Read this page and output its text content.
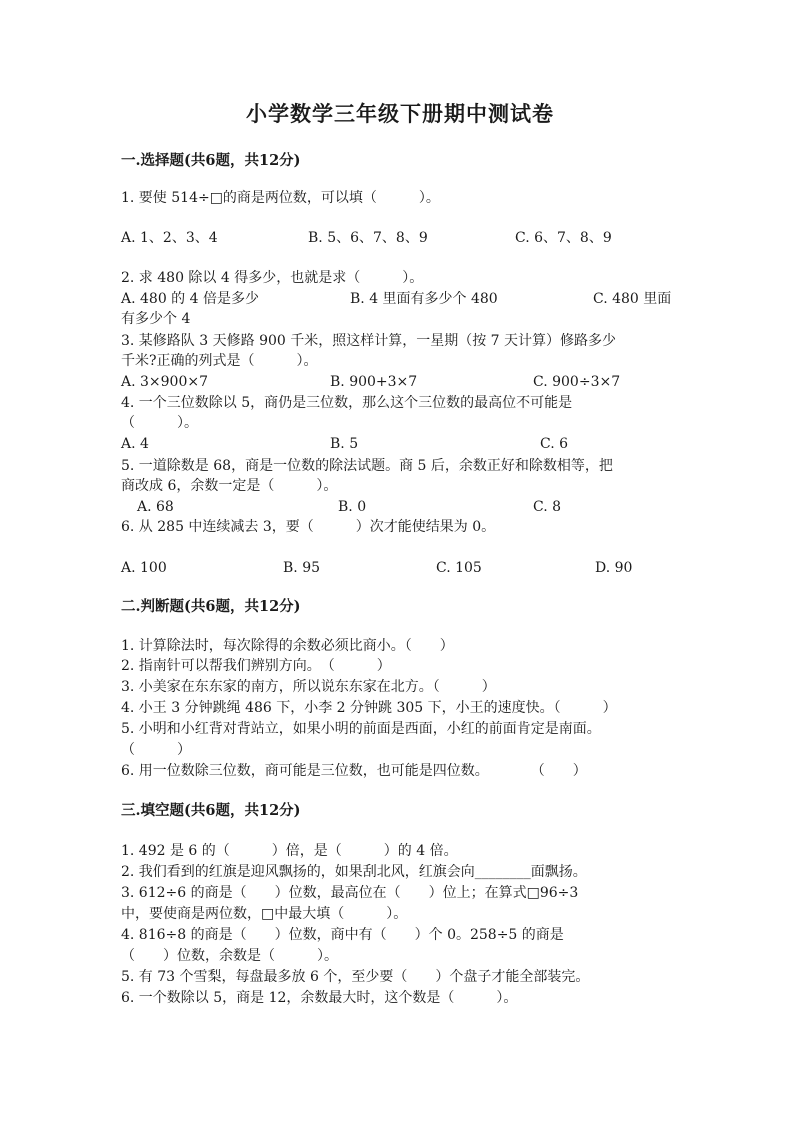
小学数学三年级下册期中测试卷
一.选择题(共6题，共12分)
1. 要使 514÷□的商是两位数，可以填（　　　）。
A. 1、2、3、4	B. 5、6、7、8、9	C. 6、7、8、9
2. 求 480 除以 4 得多少，也就是求（　　　）。
A. 480 的 4 倍是多少	B. 4 里面有多少个 480	C. 480 里面
有多少个 4
3. 某修路队 3 天修路 900 千米，照这样计算，一星期（按 7 天计算）修路多少
千米?正确的列式是（　　　）。
A. 3×900×7	B. 900+3×7	C. 900÷3×7
4. 一个三位数除以 5，商仍是三位数，那么这个三位数的最高位不可能是
（　　　）。
A. 4	B. 5	C. 6
5. 一道除数是 68，商是一位数的除法试题。商 5 后，余数正好和除数相等，把
商改成 6，余数一定是（　　　）。
A. 68	B. 0	C. 8
6. 从 285 中连续减去 3，要（　　　）次才能使结果为 0。
A. 100	B. 95	C. 105	D. 90
二.判断题(共6题，共12分)
1. 计算除法时，每次除得的余数必须比商小。（　　）
2. 指南针可以帮我们辨别方向。　（　　　）
3. 小美家在东东家的南方，所以说东东家在北方。（　　　）
4. 小王 3 分钟跳绳 486 下，小李 2 分钟跳 305 下，小王的速度快。（　　　）
5. 小明和小红背对背站立，如果小明的前面是西面，小红的前面肯定是南面。
（　　　）
6. 用一位数除三位数，商可能是三位数，也可能是四位数。　　　　（　　）
三.填空题(共6题，共12分)
1. 492 是 6 的（　　　）倍，是（　　　）的 4 倍。
2. 我们看到的红旗是迎风飘扬的，如果刮北风，红旗会向________面飘扬。
3. 612÷6 的商是（　　）位数，最高位在（　　）位上；在算式□96÷3
中，要使商是两位数，□中最大填（　　　）。
4. 816÷8 的商是（　　）位数，商中有（　　）个 0。258÷5 的商是
（　　）位数，余数是（　　　）。
5. 有 73 个雪梨，每盘最多放 6 个，至少要（　　）个盘子才能全部装完。
6. 一个数除以 5，商是 12，余数最大时，这个数是（　　　）。
